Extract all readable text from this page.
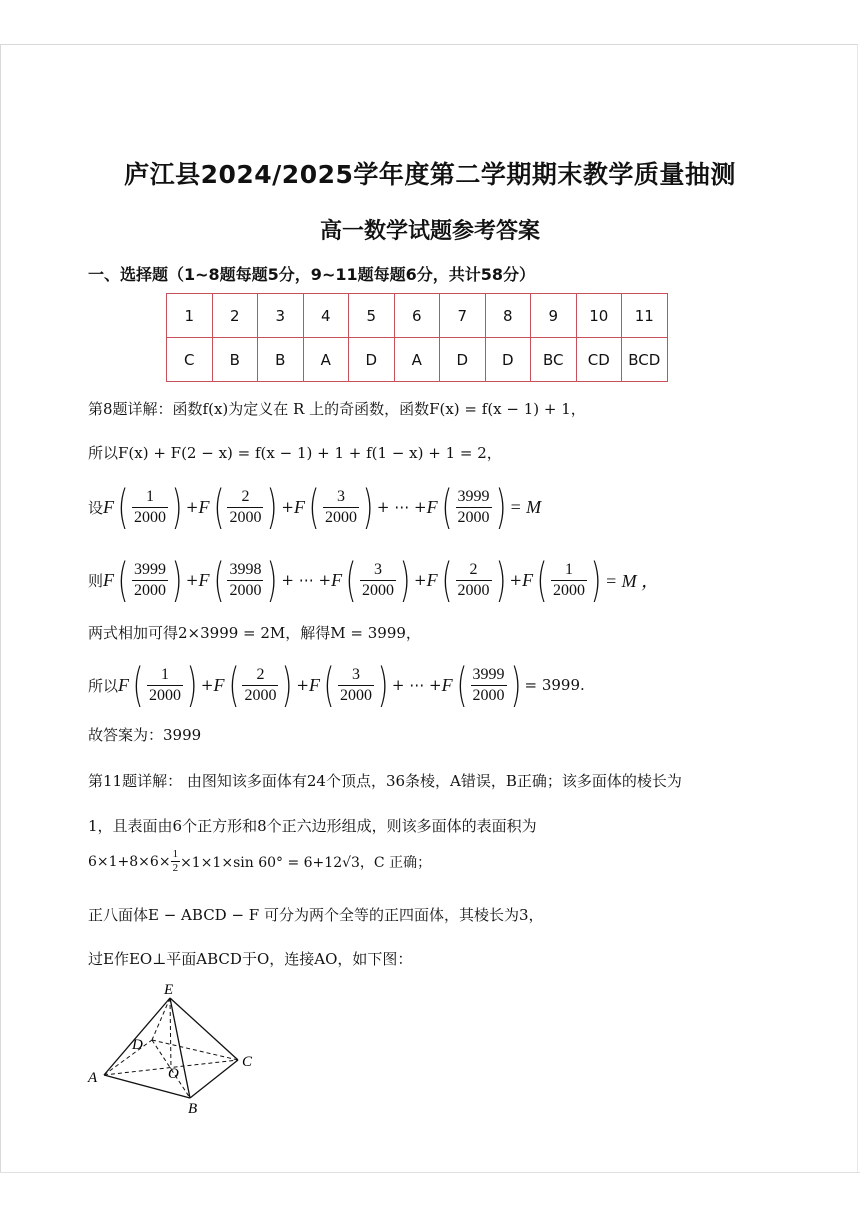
庐江县2024/2025学年度第二学期期末教学质量抽测
高一数学试题参考答案
一、选择题（1~8题每题5分，9~11题每题6分，共计58分）
1	2	3	4	5	6	7	8	9	10	11
C	B	B	A	D	A	D	D	BC	CD	BCD
第8题详解：函数f(x)为定义在 R 上的奇函数，函数F(x) = f(x − 1) + 1，
所以F(x) + F(2 − x) = f(x − 1) + 1 + f(1 − x) + 1 = 2，
设 F ( $\frac{1}{2000}$ ) + F ( $\frac{2}{2000}$ ) + F ( $\frac{3}{2000}$ ) + ⋯ + F ( $\frac{3999}{2000}$ ) = M
则 F ( $\frac{3999}{2000}$ ) + F ( $\frac{3998}{2000}$ ) + ⋯ + F ( $\frac{3}{2000}$ ) + F ( $\frac{2}{2000}$ ) + F ( $\frac{1}{2000}$ ) = M ，
两式相加可得2×3999 = 2M，解得M = 3999，
所以 F ( $\frac{1}{2000}$ ) + F ( $\frac{2}{2000}$ ) + F ( $\frac{3}{2000}$ ) + ⋯ + F ( $\frac{3999}{2000}$ ) = 3999.
故答案为：3999
第11题详解： 由图知该多面体有24个顶点，36条棱，A错误，B正确；该多面体的棱长为
1，且表面由6个正方形和8个正六边形组成，则该多面体的表面积为
$6\times 1+8\times 6\times \frac{1}{2} \times 1\times 1\times\sin$ 60° = 6+12√3，C 正确；
正八面体E − ABCD − F 可分为两个全等的正四面体，其棱长为3，
过E作EO⊥平面ABCD于O，连接AO，如下图：
E
D
C
A	O
B
